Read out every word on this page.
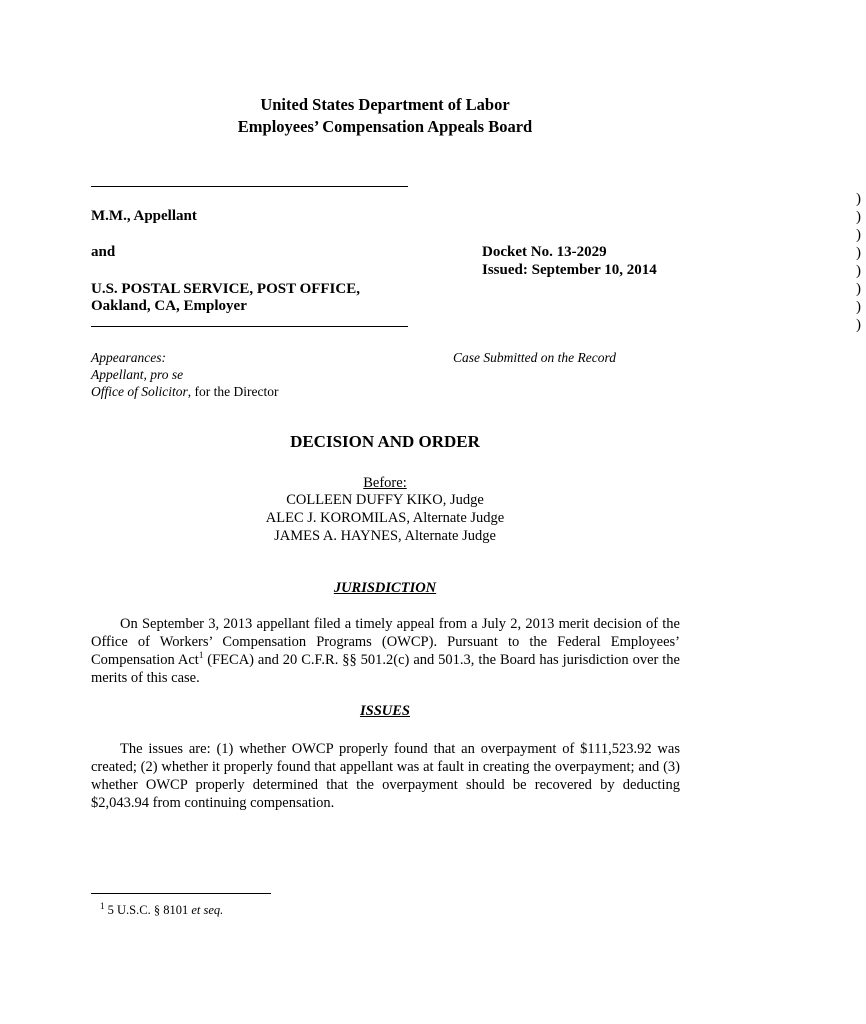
United States Department of Labor
Employees’ Compensation Appeals Board
M.M., Appellant
and
U.S. POSTAL SERVICE, POST OFFICE,
Oakland, CA, Employer
)
)
)
)
)
)
)
)
Docket No. 13-2029
Issued: September 10, 2014
Appearances:
Appellant, pro se
Office of Solicitor, for the Director
Case Submitted on the Record
DECISION AND ORDER
Before:
COLLEEN DUFFY KIKO, Judge
ALEC J. KOROMILAS, Alternate Judge
JAMES A. HAYNES, Alternate Judge
JURISDICTION

On September 3, 2013 appellant filed a timely appeal from a July 2, 2013 merit decision of the Office of Workers’ Compensation Programs (OWCP). Pursuant to the Federal Employees’ Compensation Act$^1$ (FECA) and 20 C.F.R. §§ 501.2(c) and 501.3, the Board has jurisdiction over the merits of this case.

ISSUES

The issues are: (1) whether OWCP properly found that an overpayment of $111,523.92 was created; (2) whether it properly found that appellant was at fault in creating the overpayment; and (3) whether OWCP properly determined that the overpayment should be recovered by deducting $2,043.94 from continuing compensation.

$^1$ 5 U.S.C. § 8101 et seq.
